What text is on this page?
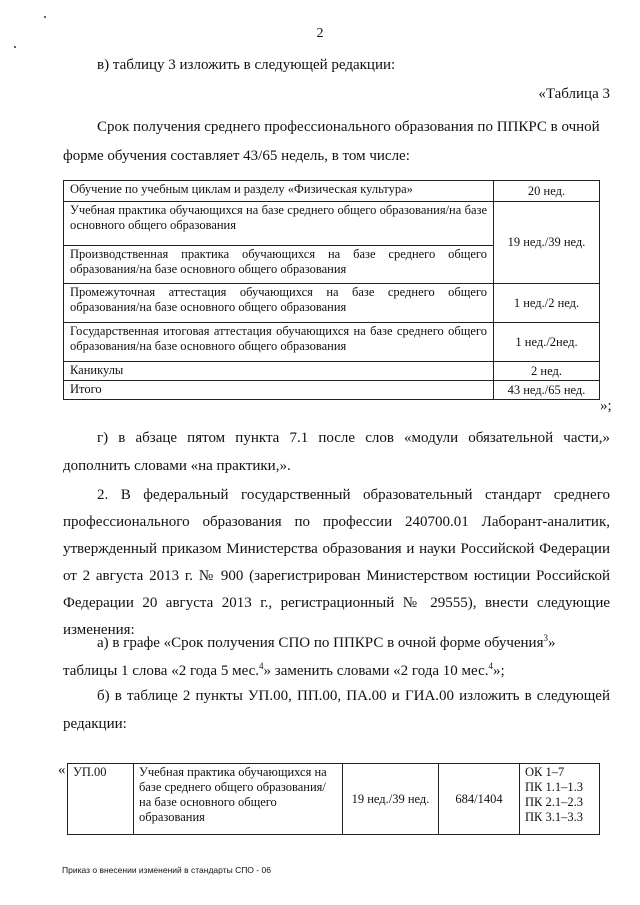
2
в) таблицу 3 изложить в следующей редакции:
«Таблица 3
Срок получения среднего профессионального образования по ППКРС в очной
форме обучения составляет 43/65 недель, в том числе:
Обучение по учебным циклам и разделу «Физическая культура»	20 нед.
Учебная практика обучающихся на базе среднего общего образования/на базе основного общего образования	19 нед./39 нед.
Производственная практика обучающихся на базе среднего общего образования/на базе основного общего образования	
Промежуточная аттестация обучающихся на базе среднего общего образования/на базе основного общего образования	1 нед./2 нед.
Государственная итоговая аттестация обучающихся на базе среднего общего образования/на базе основного общего образования	1 нед./2нед.
Каникулы	2 нед.
Итого	43 нед./65 нед.
»;
г) в абзаце пятом пункта 7.1 после слов «модули обязательной части,»
дополнить словами «на практики,».
2. В федеральный государственный образовательный стандарт среднего
профессионального образования по профессии 240700.01 Лаборант-аналитик,
утвержденный приказом Министерства образования и науки Российской Федерации
от 2 августа 2013 г. № 900 (зарегистрирован Министерством юстиции Российской
Федерации 20 августа 2013 г., регистрационный № 29555), внести следующие
изменения:
а) в графе «Срок получения СПО по ППКРС в очной форме обучения$^3$»
таблицы 1 слова «2 года 5 мес.$^4$» заменить словами «2 года 10 мес.$^4$»;
б) в таблице 2 пункты УП.00, ПП.00, ПА.00 и ГИА.00 изложить в следующей
редакции:
« УП.00	Учебная практика обучающихся на базе среднего общего образования/на базе основного общего образования	19 нед./39 нед.	684/1404	
ОК 1–7
ПК 1.1–1.3
ПК 2.1–2.3
ПК 3.1–3.3
Приказ о внесении изменений в стандарты СПО - 06
